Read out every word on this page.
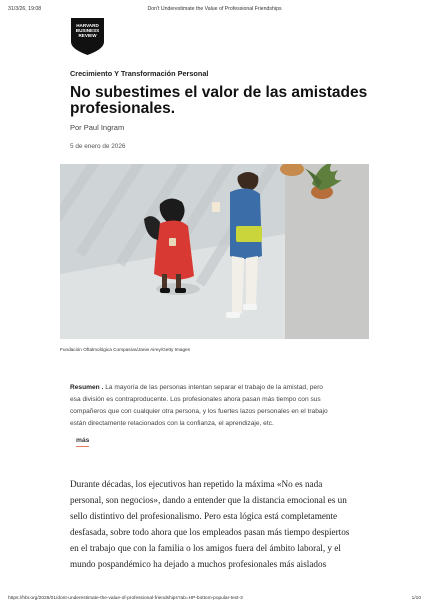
31/3/26, 19:08	Don't Underestimate the Value of Professional Friendships
HARVARD
BUSINESS
REVIEW
Crecimiento Y Transformación Personal
No subestimes el valor de las amistades profesionales.
Por Paul Ingram
5 de enero de 2026
Fundación Oftalmológica Compasiva/Janie Airey/Getty Images
Resumen . La mayoría de las personas intentan separar el trabajo de la amistad, pero esa división es contraproducente. Los profesionales ahora pasan más tiempo con sus compañeros que con cualquier otra persona, y los fuertes lazos personales en el trabajo están directamente relacionados con la confianza, el aprendizaje, etc.
más

Durante décadas, los ejecutivos han repetido la máxima «No es nada personal, son negocios», dando a entender que la distancia emocional es un sello distintivo del profesionalismo. Pero esta lógica está completamente desfasada, sobre todo ahora que los empleados pasan más tiempo despiertos en el trabajo que con la familia o los amigos fuera del ámbito laboral, y el mundo pospandémico ha dejado a muchos profesionales más aislados

https://hbr.org/2026/01/dont-underestimate-the-value-of-professional-friendships?ab=HP-bottom-popular-text-3	1/10
